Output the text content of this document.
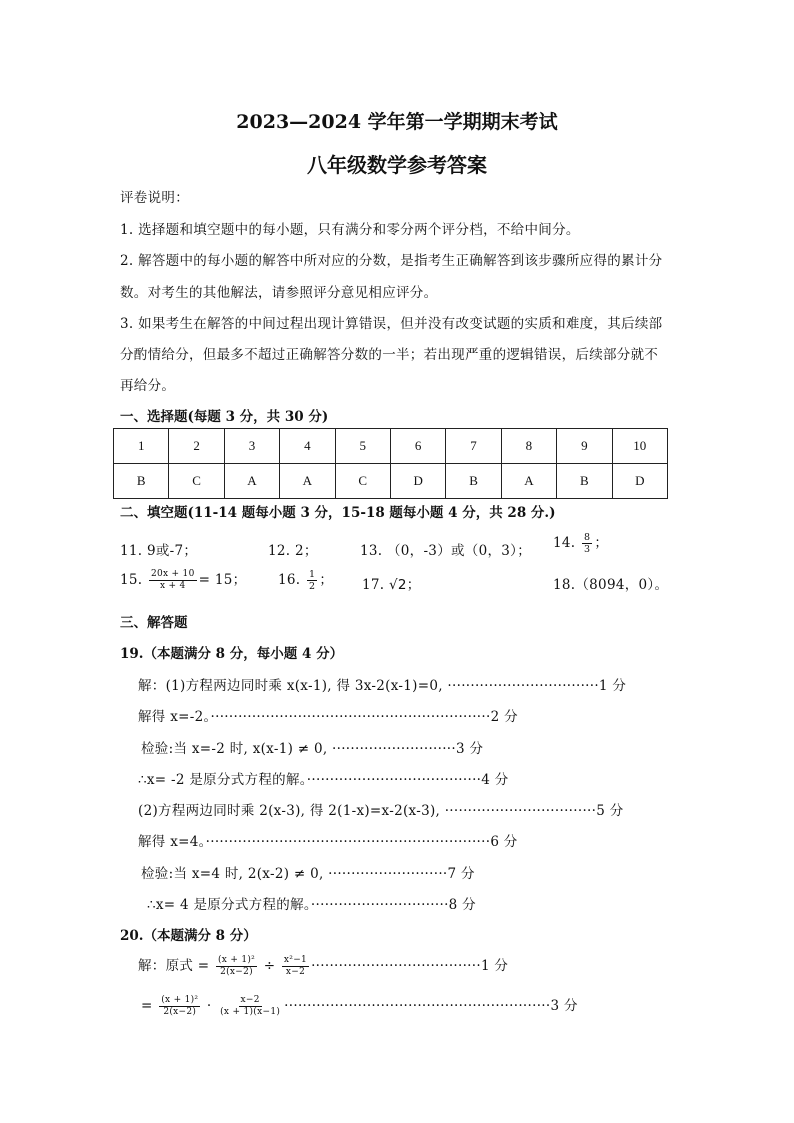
2023—2024 学年第一学期期末考试
八年级数学参考答案
评卷说明：
1. 选择题和填空题中的每小题，只有满分和零分两个评分档，不给中间分。
2. 解答题中的每小题的解答中所对应的分数，是指考生正确解答到该步骤所应得的累计分
数。对考生的其他解法，请参照评分意见相应评分。
3. 如果考生在解答的中间过程出现计算错误，但并没有改变试题的实质和难度，其后续部
分酌情给分，但最多不超过正确解答分数的一半；若出现严重的逻辑错误，后续部分就不
再给分。
一、选择题(每题 3 分，共 30 分)
1	2	3	4	5	6	7	8	9	10
B	C	A	A	C	D	B	A	B	D
二、填空题(11-14 题每小题 3 分，15-18 题每小题 4 分，共 28 分.)
11. 9或-7；	12. 2；	13. （0，-3）或（0，3）； 14. $\frac{8}{3}$ ；
15. $\frac{20x + 10}{x + 4} = 15$； 16. $\frac{1}{2}$ ； 17. √2；	18.（8094，0）。
三、解答题
19.（本题满分 8 分，每小题 4 分）
解：(1)方程两边同时乘 x(x-1), 得 3x-2(x-1)=0, ·································1 分
解得 x=-2。·····························································2 分
检验:当 x=-2 时, x(x-1) ≠ 0, ···························3 分
∴x= -2 是原分式方程的解。······································4 分
(2)方程两边同时乘 2(x-3), 得 2(1-x)=x-2(x-3), ·································5 分
解得 x=4。······························································6 分
检验:当 x=4 时, 2(x-2) ≠ 0, ··························7 分
∴x= 4 是原分式方程的解。······························8 分
20.（本题满分 8 分）
解：原式 = $\frac{\text{(x + 1)²}}{2(x-2)} \div \frac{\text{x²−1}}{x-2} \cdot\cdot\cdot\cdot\cdot\cdot\cdot\cdot\cdot\cdot\cdot\cdot\cdot\cdot\cdot\cdot\cdot\cdot\cdot\cdot\cdot\cdot\cdot\cdot\cdot\cdot\cdot\cdot\cdot\cdot\cdot\cdot\cdot\cdot\cdot\cdot\cdot 1$ 分
= $\frac{\text{(x + 1)²}}{2(x-2)} \cdot \frac{x-2}{(x + 1)(x-1)} \cdot\cdot\cdot\cdot\cdot\cdot\cdot\cdot\cdot\cdot\cdot\cdot\cdot\cdot\cdot\cdot\cdot\cdot\cdot\cdot\cdot\cdot\cdot\cdot\cdot\cdot\cdot\cdot\cdot\cdot\cdot\cdot\cdot\cdot\cdot\cdot\cdot\cdot\cdot\cdot\cdot\cdot\cdot\cdot\cdot\cdot\cdot\cdot\cdot\cdot\cdot\cdot\cdot\cdot\cdot\cdot\cdot\cdot 3$ 分
